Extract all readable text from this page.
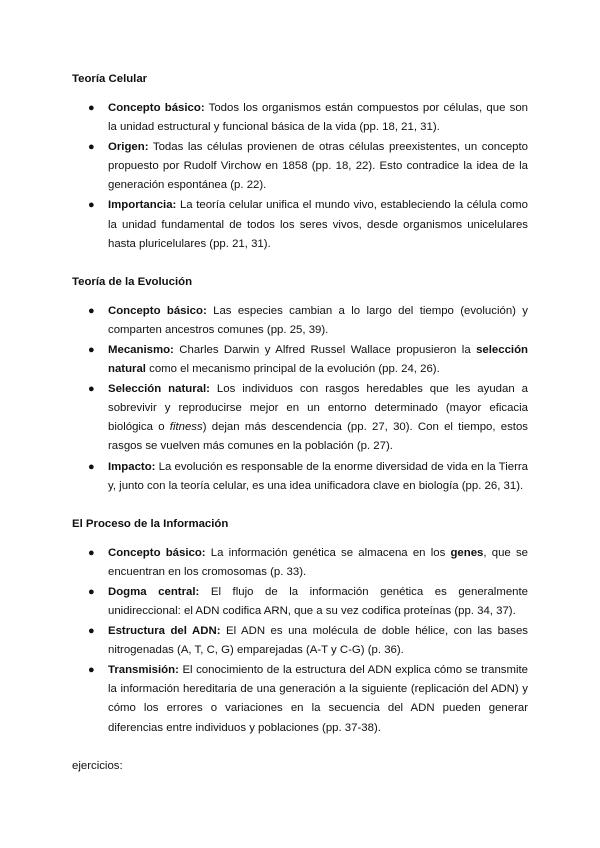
Teoría Celular
● Concepto básico: Todos los organismos están compuestos por células, que son la unidad estructural y funcional básica de la vida (pp. 18, 21, 31).
● Origen: Todas las células provienen de otras células preexistentes, un concepto propuesto por Rudolf Virchow en 1858 (pp. 18, 22). Esto contradice la idea de la generación espontánea (p. 22).
● Importancia: La teoría celular unifica el mundo vivo, estableciendo la célula como la unidad fundamental de todos los seres vivos, desde organismos unicelulares hasta pluricelulares (pp. 21, 31).
Teoría de la Evolución
● Concepto básico: Las especies cambian a lo largo del tiempo (evolución) y comparten ancestros comunes (pp. 25, 39).
● Mecanismo: Charles Darwin y Alfred Russel Wallace propusieron la selección natural como el mecanismo principal de la evolución (pp. 24, 26).
● Selección natural: Los individuos con rasgos heredables que les ayudan a sobrevivir y reproducirse mejor en un entorno determinado (mayor eficacia biológica o fitness) dejan más descendencia (pp. 27, 30). Con el tiempo, estos rasgos se vuelven más comunes en la población (p. 27).
● Impacto: La evolución es responsable de la enorme diversidad de vida en la Tierra y, junto con la teoría celular, es una idea unificadora clave en biología (pp. 26, 31).
El Proceso de la Información
● Concepto básico: La información genética se almacena en los genes, que se encuentran en los cromosomas (p. 33).
● Dogma central: El flujo de la información genética es generalmente unidireccional: el ADN codifica ARN, que a su vez codifica proteínas (pp. 34, 37).
● Estructura del ADN: El ADN es una molécula de doble hélice, con las bases nitrogenadas (A, T, C, G) emparejadas (A-T y C-G) (p. 36).
● Transmisión: El conocimiento de la estructura del ADN explica cómo se transmite la información hereditaria de una generación a la siguiente (replicación del ADN) y cómo los errores o variaciones en la secuencia del ADN pueden generar diferencias entre individuos y poblaciones (pp. 37-38).
ejercicios:
